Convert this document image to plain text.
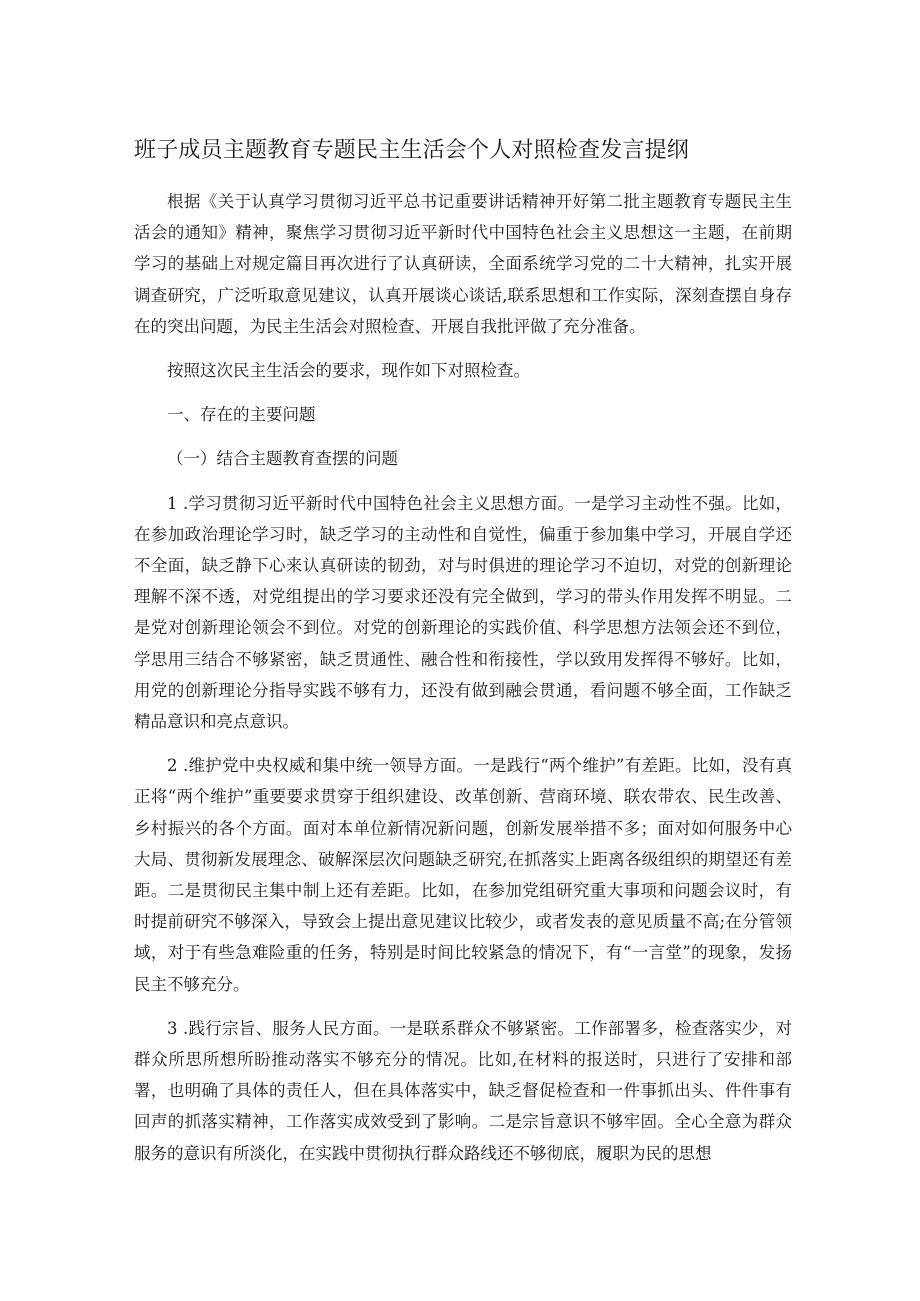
班子成员主题教育专题民主生活会个人对照检查发言提纲

根据《关于认真学习贯彻习近平总书记重要讲话精神开好第二批主题教育专题民主生活会的通知》精神，聚焦学习贯彻习近平新时代中国特色社会主义思想这一主题，在前期学习的基础上对规定篇目再次进行了认真研读，全面系统学习党的二十大精神，扎实开展调查研究，广泛听取意见建议，认真开展谈心谈话,联系思想和工作实际，深刻查摆自身存在的突出问题，为民主生活会对照检查、开展自我批评做了充分准备。

按照这次民主生活会的要求，现作如下对照检查。

一、存在的主要问题

（一）结合主题教育查摆的问题

1 .学习贯彻习近平新时代中国特色社会主义思想方面。一是学习主动性不强。比如，在参加政治理论学习时，缺乏学习的主动性和自觉性，偏重于参加集中学习，开展自学还不全面，缺乏静下心来认真研读的韧劲，对与时俱进的理论学习不迫切，对党的创新理论理解不深不透，对党组提出的学习要求还没有完全做到，学习的带头作用发挥不明显。二是党对创新理论领会不到位。对党的创新理论的实践价值、科学思想方法领会还不到位，学思用三结合不够紧密，缺乏贯通性、融合性和衔接性，学以致用发挥得不够好。比如，用党的创新理论分指导实践不够有力，还没有做到融会贯通，看问题不够全面，工作缺乏精品意识和亮点意识。

2 .维护党中央权威和集中统一领导方面。一是践行“两个维护”有差距。比如，没有真正将“两个维护”重要要求贯穿于组织建设、改革创新、营商环境、联农带农、民生改善、乡村振兴的各个方面。面对本单位新情况新问题，创新发展举措不多；面对如何服务中心大局、贯彻新发展理念、破解深层次问题缺乏研究,在抓落实上距离各级组织的期望还有差距。二是贯彻民主集中制上还有差距。比如，在参加党组研究重大事项和问题会议时，有时提前研究不够深入，导致会上提出意见建议比较少，或者发表的意见质量不高;在分管领域，对于有些急难险重的任务，特别是时间比较紧急的情况下，有“一言堂”的现象，发扬民主不够充分。

3 .践行宗旨、服务人民方面。一是联系群众不够紧密。工作部署多，检查落实少，对群众所思所想所盼推动落实不够充分的情况。比如,在材料的报送时，只进行了安排和部署，也明确了具体的责任人，但在具体落实中，缺乏督促检查和一件事抓出头、件件事有回声的抓落实精神，工作落实成效受到了影响。二是宗旨意识不够牢固。全心全意为群众服务的意识有所淡化，在实践中贯彻执行群众路线还不够彻底，履职为民的思想
